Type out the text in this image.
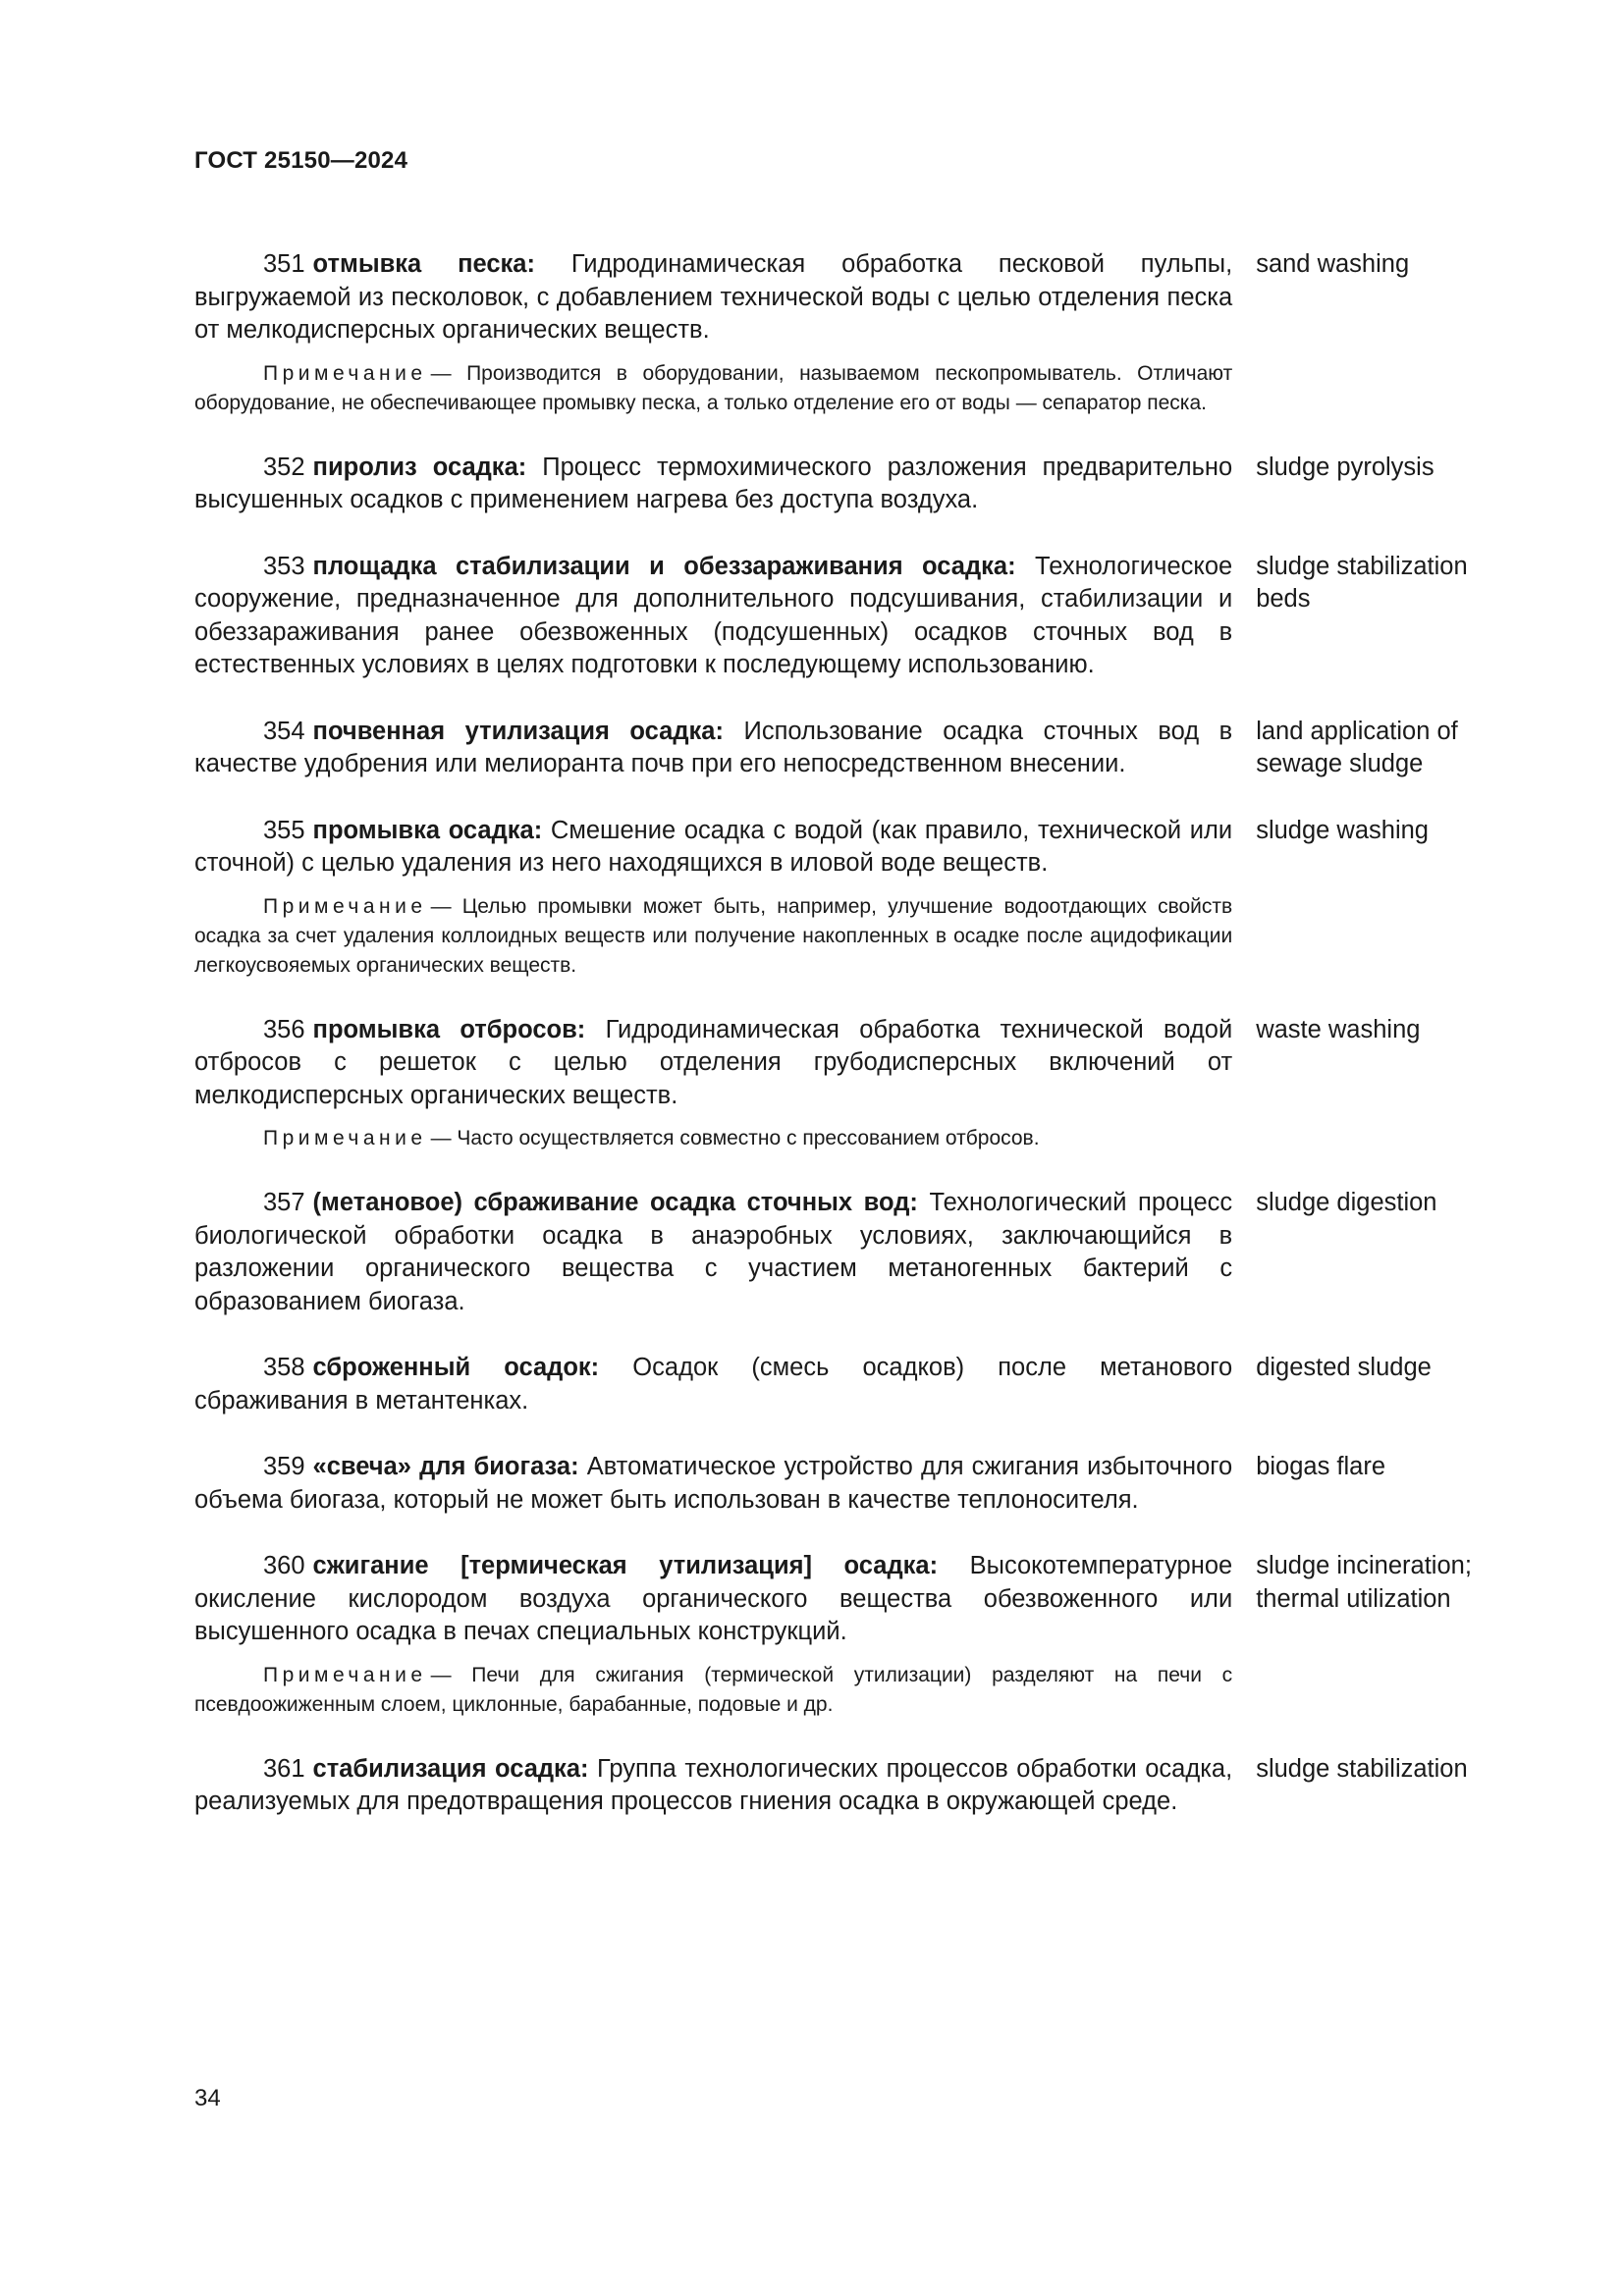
ГОСТ 25150—2024

351 отмывка песка: Гидродинамическая обработка песковой пульпы, выгружаемой из песколовок, с добавлением технической воды с целью отделения песка от мелкодисперсных органических веществ.

Примечание — Производится в оборудовании, называемом пескопромыватель. Отличают оборудование, не обеспечивающее промывку песка, а только отделение его от воды — сепаратор песка.

sand washing

352 пиролиз осадка: Процесс термохимического разложения предварительно высушенных осадков с применением нагрева без доступа воздуха.

sludge pyrolysis

353 площадка стабилизации и обеззараживания осадка: Технологическое сооружение, предназначенное для дополнительного подсушивания, стабилизации и обеззараживания ранее обезвоженных (подсушенных) осадков сточных вод в естественных условиях в целях подготовки к последующему использованию.

sludge stabilization beds

354 почвенная утилизация осадка: Использование осадка сточных вод в качестве удобрения или мелиоранта почв при его непосредственном внесении.

land application of sewage sludge

355 промывка осадка: Смешение осадка с водой (как правило, технической или сточной) с целью удаления из него находящихся в иловой воде веществ.

Примечание — Целью промывки может быть, например, улучшение водоотдающих свойств осадка за счет удаления коллоидных веществ или получение накопленных в осадке после ацидофикации легкоусвояемых органических веществ.

sludge washing

356 промывка отбросов: Гидродинамическая обработка технической водой отбросов с решеток с целью отделения грубодисперсных включений от мелкодисперсных органических веществ.

Примечание — Часто осуществляется совместно с прессованием отбросов.

waste washing

357 (метановое) сбраживание осадка сточных вод: Технологический процесс биологической обработки осадка в анаэробных условиях, заключающийся в разложении органического вещества с участием метаногенных бактерий с образованием биогаза.

sludge digestion

358 сброженный осадок: Осадок (смесь осадков) после метанового сбраживания в метантенках.

digested sludge

359 «свеча» для биогаза: Автоматическое устройство для сжигания избыточного объема биогаза, который не может быть использован в качестве теплоносителя.

biogas flare

360 сжигание [термическая утилизация] осадка: Высокотемпературное окисление кислородом воздуха органического вещества обезвоженного или высушенного осадка в печах специальных конструкций.

Примечание — Печи для сжигания (термической утилизации) разделяют на печи с псевдоожиженным слоем, циклонные, барабанные, подовые и др.

sludge incineration; thermal utilization

361 стабилизация осадка: Группа технологических процессов обработки осадка, реализуемых для предотвращения процессов гниения осадка в окружающей среде.

sludge stabilization
34
